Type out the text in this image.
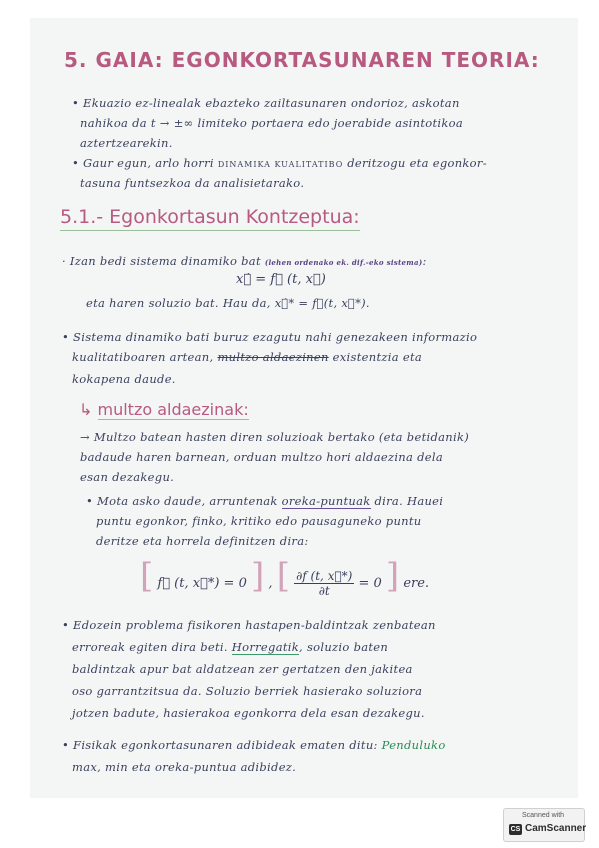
5. GAIA: EGONKORTASUNAREN TEORIA:
• Ekuazio ez-linealak ebazteko zailtasunaren ondorioz, askotan
nahikoa da t → ±∞ limiteko portaera edo joerabide asintotikoa
aztertzearekin.
• Gaur egun, arlo horri DINAMIKA KUALITATIBO deritzogu eta egonkor-
tasuna funtsezkoa da analisietarako.
5.1.- Egonkortasun Kontzeptua:
· Izan bedi sistema dinamiko bat (lehen ordenako ek. dif.-eko sistema):
x⃗̇ = f⃗ (t, x⃗)
eta haren soluzio bat. Hau da, x⃗̇* = f⃗(t, x⃗*).
• Sistema dinamiko bati buruz ezagutu nahi genezakeen informazio
kualitatiboaren artean, multzo aldaezinen existentzia eta
kokapena daude.
↳ multzo aldaezinak:
→ Multzo batean hasten diren soluzioak bertako (eta betidanik)
badaude haren barnean, orduan multzo hori aldaezina dela
esan dezakegu.
• Mota asko daude, arruntenak oreka-puntuak dira. Hauei
puntu egonkor, finko, kritiko edo pausagunek​o puntu
deritze eta horrela definitzen dira:
[ f⃗ (t, x⃗*) = 0 ] , [ $\frac{\partial f (t, x⃗*)}{\partial t} = 0$ ] ere.
• Edozein problema fisikoren hastapen-baldintzak zenbatean
erroreak egiten dira beti. Horregatik, soluzio baten
baldintzak apur bat aldatzean zer gertatzen den jakitea
oso garrantzitsua da. Soluzio berriek hasierako soluziora
jotzen badute, hasierakoa egonkorra dela esan dezakegu.
• Fisikak egonkortasunaren adibideak ematen ditu: Penduluko
max, min eta oreka-puntua adibidez.
Scanned with
CS CamScanner
